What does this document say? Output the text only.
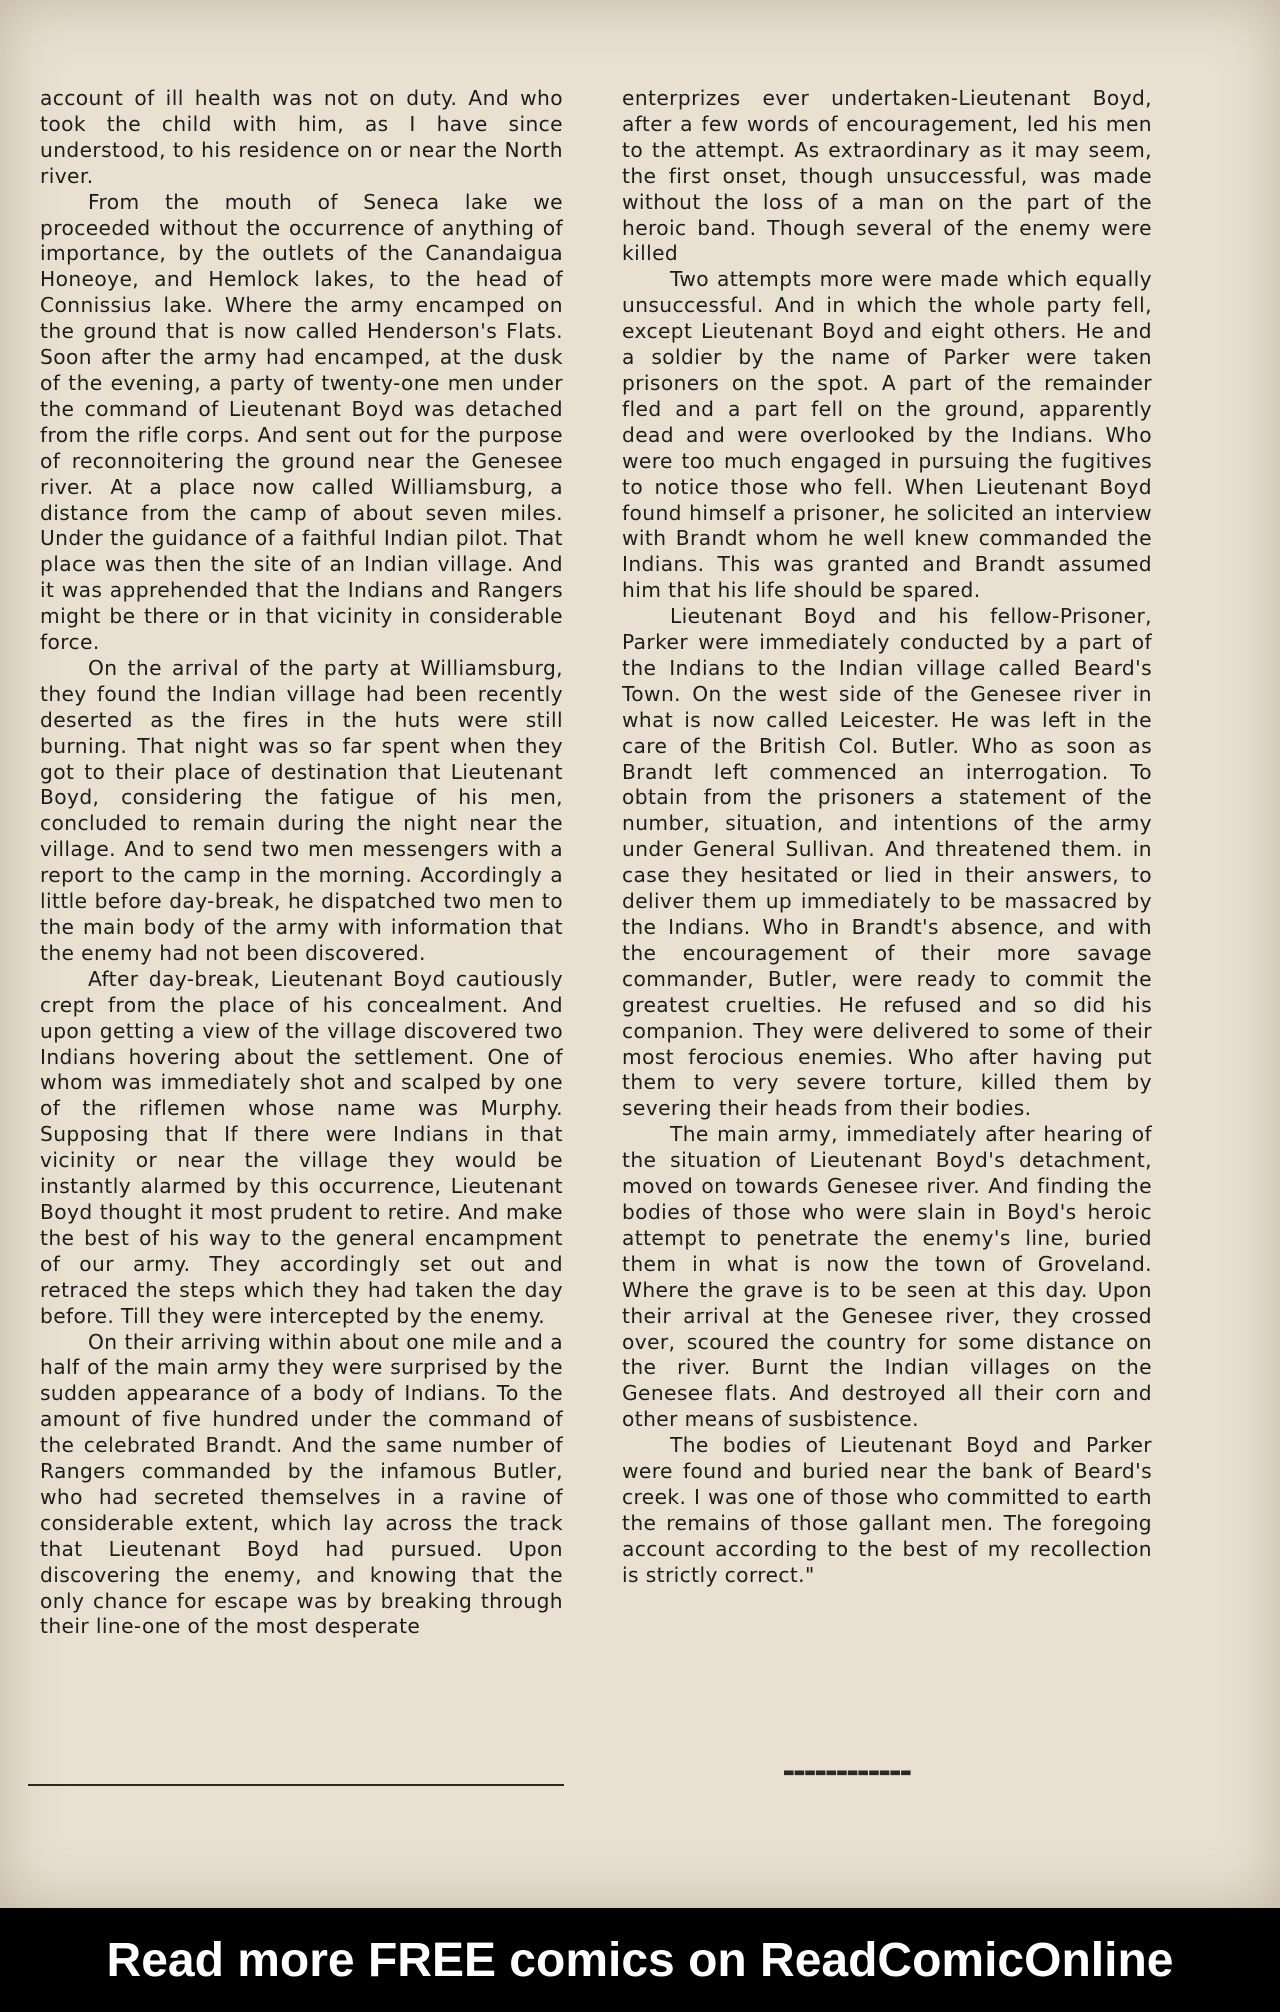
account of ill health was not on duty. And who took the child with him, as I have since understood, to his residence on or near the North river.

From the mouth of Seneca lake we proceeded without the occurrence of anything of importance, by the outlets of the Canandaigua Honeoye, and Hemlock lakes, to the head of Connissius lake. Where the army encamped on the ground that is now called Henderson's Flats. Soon after the army had encamped, at the dusk of the evening, a party of twenty-one men under the command of Lieutenant Boyd was detached from the rifle corps. And sent out for the purpose of reconnoitering the ground near the Genesee river. At a place now called Williamsburg, a distance from the camp of about seven miles. Under the guidance of a faithful Indian pilot. That place was then the site of an Indian village. And it was apprehended that the Indians and Rangers might be there or in that vicinity in considerable force.

On the arrival of the party at Williamsburg, they found the Indian village had been recently deserted as the fires in the huts were still burning. That night was so far spent when they got to their place of destination that Lieutenant Boyd, considering the fatigue of his men, concluded to remain during the night near the village. And to send two men messengers with a report to the camp in the morning. Accordingly a little before day-break, he dispatched two men to the main body of the army with information that the enemy had not been discovered.

After day-break, Lieutenant Boyd cautiously crept from the place of his concealment. And upon getting a view of the village discovered two Indians hovering about the settlement. One of whom was immediately shot and scalped by one of the riflemen whose name was Murphy. Supposing that If there were Indians in that vicinity or near the village they would be instantly alarmed by this occurrence, Lieutenant Boyd thought it most prudent to retire. And make the best of his way to the general encampment of our army. They accordingly set out and retraced the steps which they had taken the day before. Till they were intercepted by the enemy.

On their arriving within about one mile and a half of the main army they were surprised by the sudden appearance of a body of Indians. To the amount of five hundred under the command of the celebrated Brandt. And the same number of Rangers commanded by the infamous Butler, who had secreted themselves in a ravine of considerable extent, which lay across the track that Lieutenant Boyd had pursued. Upon discovering the enemy, and knowing that the only chance for escape was by breaking through their line-one of the most desperate

enterprizes ever undertaken-Lieutenant Boyd, after a few words of encouragement, led his men to the attempt. As extraordinary as it may seem, the first onset, though unsuccessful, was made without the loss of a man on the part of the heroic band. Though several of the enemy were killed

Two attempts more were made which equally unsuccessful. And in which the whole party fell, except Lieutenant Boyd and eight others. He and a soldier by the name of Parker were taken prisoners on the spot. A part of the remainder fled and a part fell on the ground, apparently dead and were overlooked by the Indians. Who were too much engaged in pursuing the fugitives to notice those who fell. When Lieutenant Boyd found himself a prisoner, he solicited an interview with Brandt whom he well knew commanded the Indians. This was granted and Brandt assumed him that his life should be spared.

Lieutenant Boyd and his fellow-Prisoner, Parker were immediately conducted by a part of the Indians to the Indian village called Beard's Town. On the west side of the Genesee river in what is now called Leicester. He was left in the care of the British Col. Butler. Who as soon as Brandt left commenced an interrogation. To obtain from the prisoners a statement of the number, situation, and intentions of the army under General Sullivan. And threatened them. in case they hesitated or lied in their answers, to deliver them up immediately to be massacred by the Indians. Who in Brandt's absence, and with the encouragement of their more savage commander, Butler, were ready to commit the greatest cruelties. He refused and so did his companion. They were delivered to some of their most ferocious enemies. Who after having put them to very severe torture, killed them by severing their heads from their bodies.

The main army, immediately after hearing of the situation of Lieutenant Boyd's detachment, moved on towards Genesee river. And finding the bodies of those who were slain in Boyd's heroic attempt to penetrate the enemy's line, buried them in what is now the town of Groveland. Where the grave is to be seen at this day. Upon their arrival at the Genesee river, they crossed over, scoured the country for some distance on the river. Burnt the Indian villages on the Genesee flats. And destroyed all their corn and other means of susbistence.

The bodies of Lieutenant Boyd and Parker were found and buried near the bank of Beard's creek. I was one of those who committed to earth the remains of those gallant men. The foregoing account according to the best of my recollection is strictly correct."

▬▬▬▬▬▬▬▬▬▬▬▬
Read more FREE comics on ReadComicOnline
